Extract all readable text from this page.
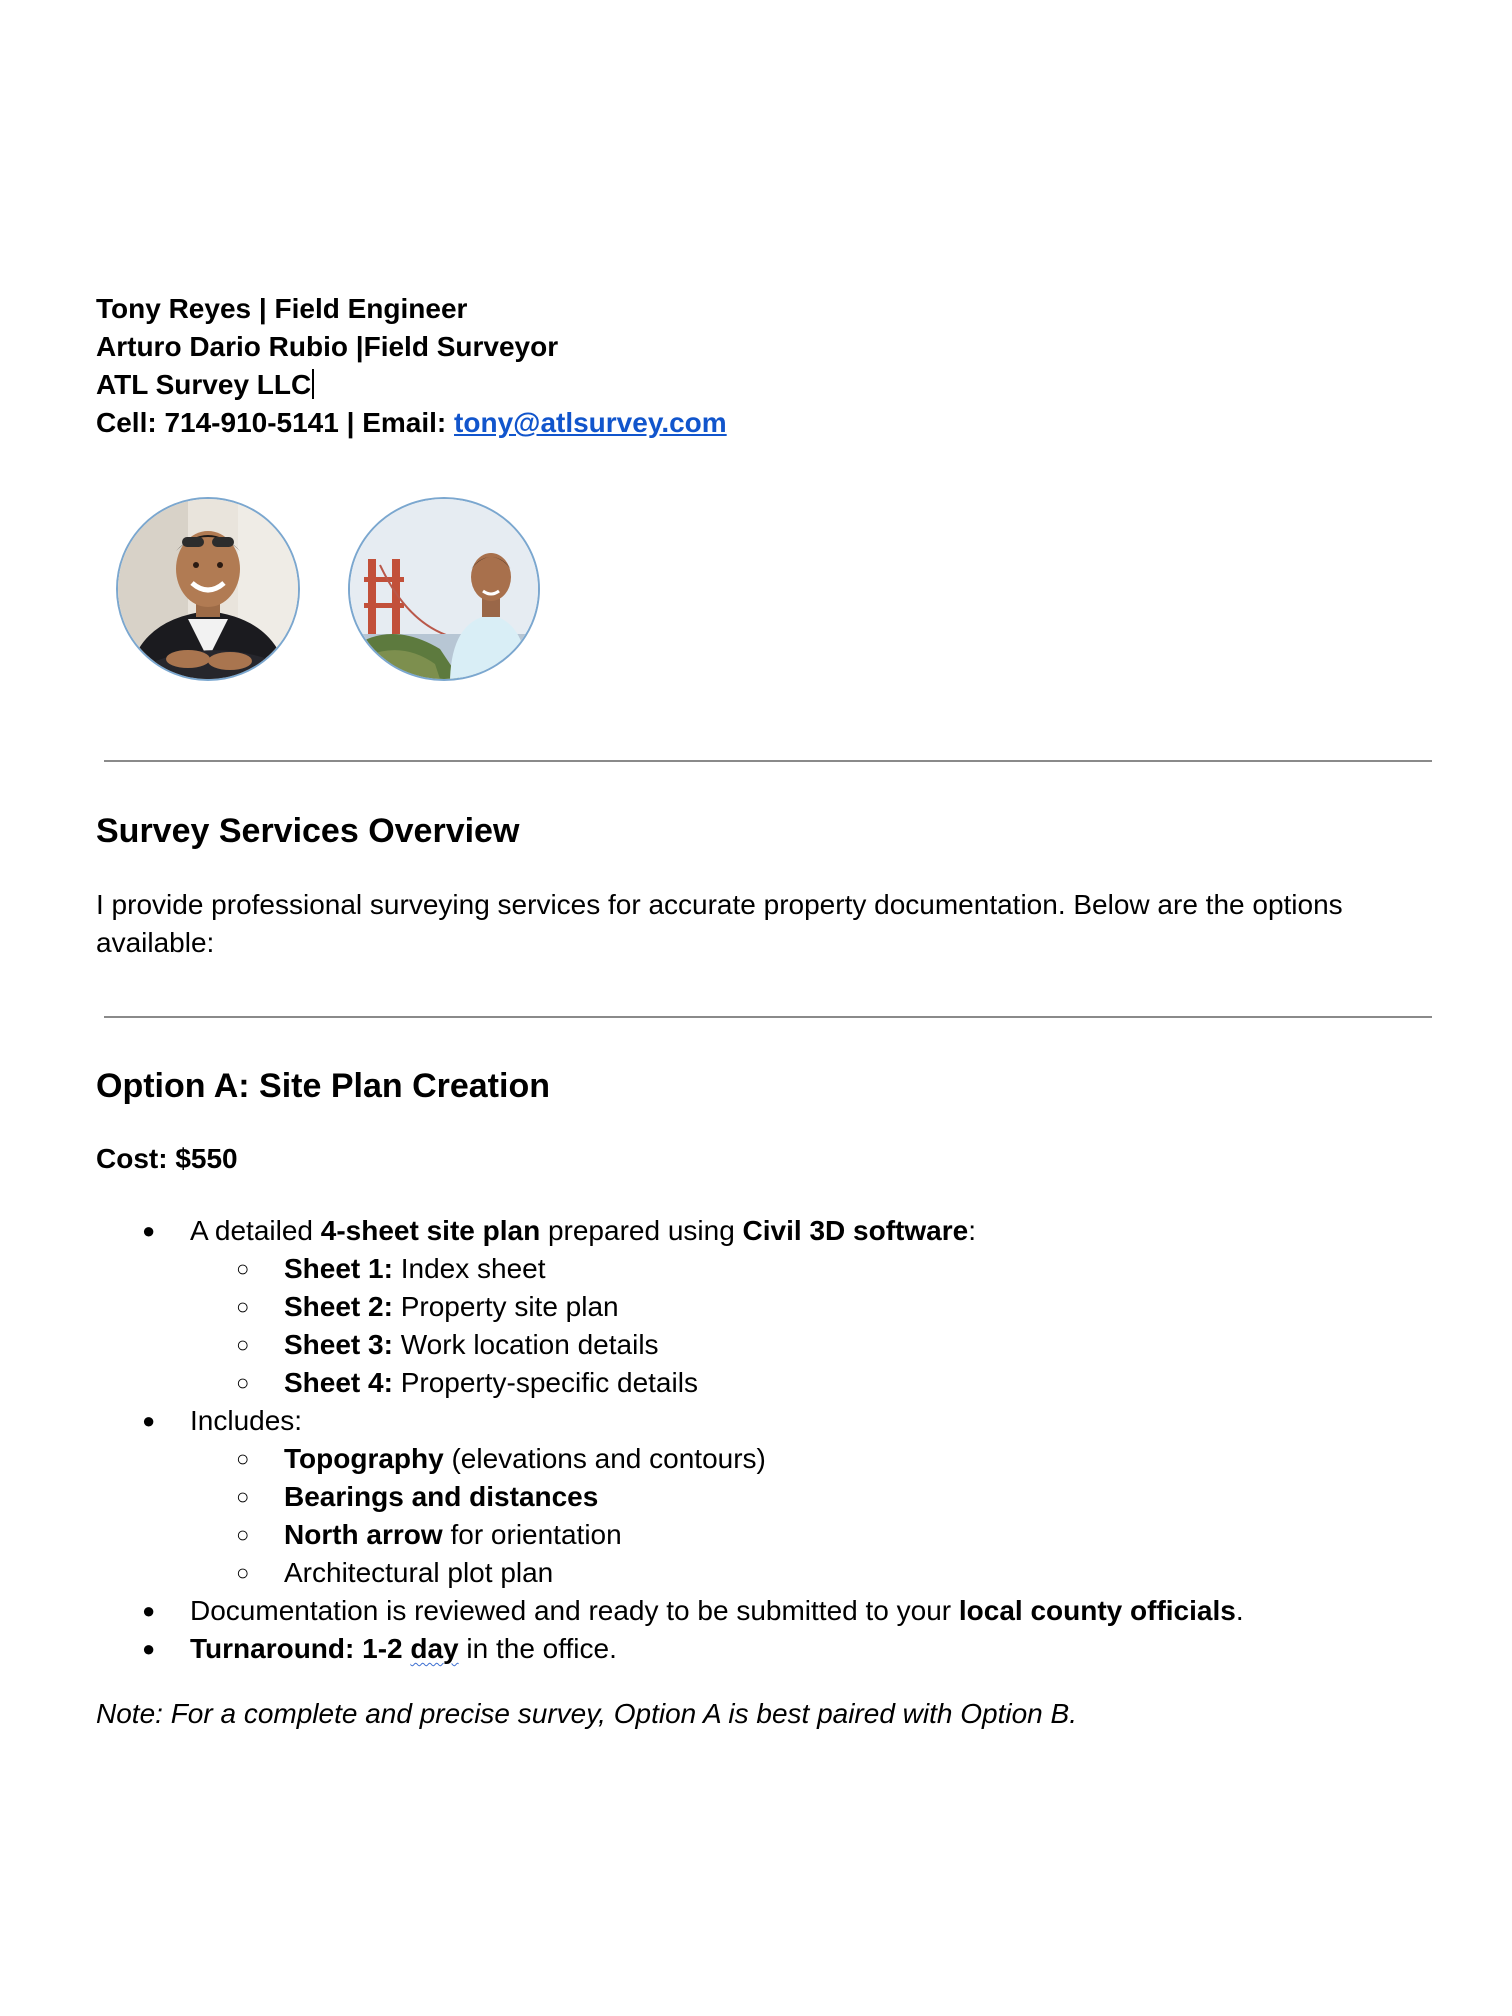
Tony Reyes | Field Engineer
Arturo Dario Rubio |Field Surveyor
ATL Survey LLC
Cell: 714-910-5141 | Email: tony@atlsurvey.com
Survey Services Overview

I provide professional surveying services for accurate property documentation. Below are the options available:

Option A: Site Plan Creation

Cost: $550

● A detailed 4-sheet site plan prepared using Civil 3D software:
○ Sheet 1: Index sheet
○ Sheet 2: Property site plan
○ Sheet 3: Work location details
○ Sheet 4: Property-specific details
● Includes:
○ Topography (elevations and contours)
○ Bearings and distances
○ North arrow for orientation
○ Architectural plot plan
● Documentation is reviewed and ready to be submitted to your local county officials.
● Turnaround: 1-2 day in the office.

Note: For a complete and precise survey, Option A is best paired with Option B.
